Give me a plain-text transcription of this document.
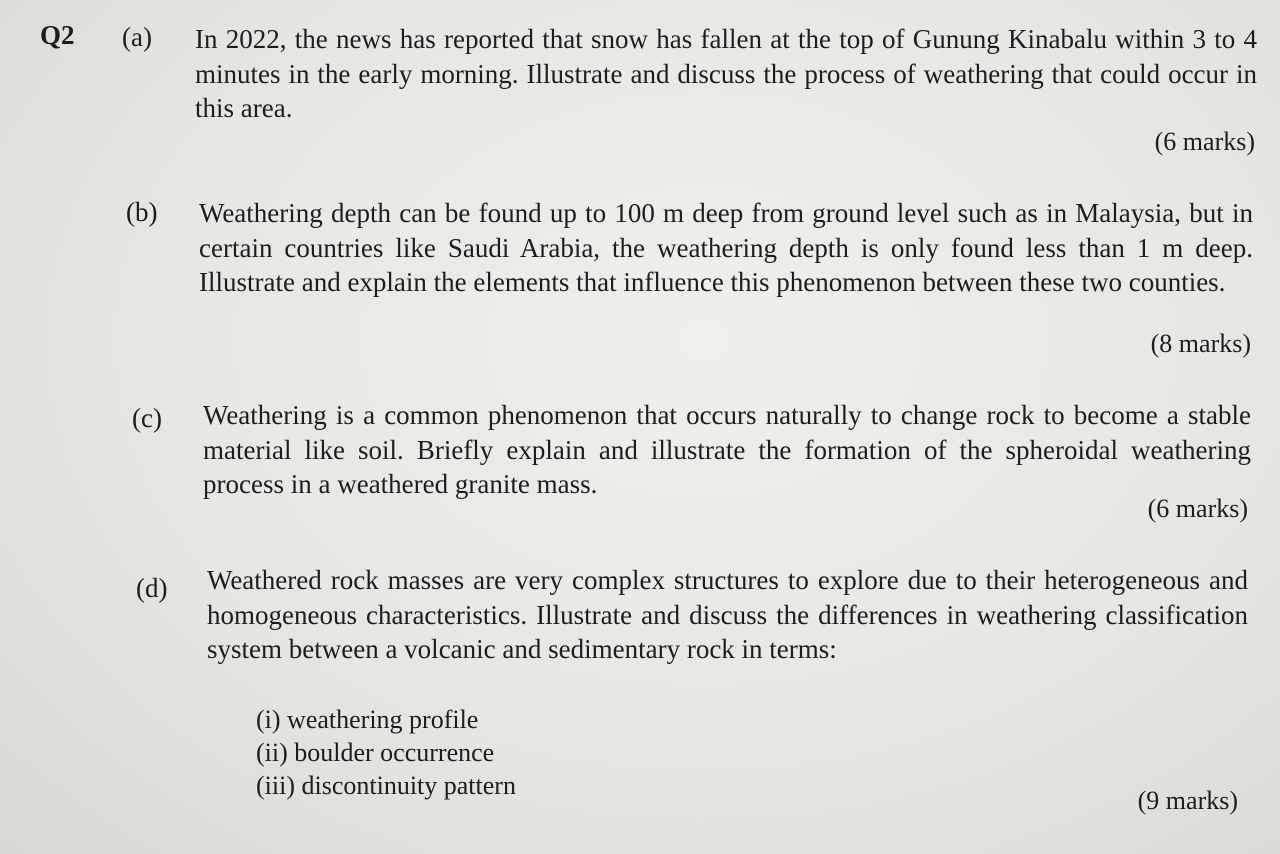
Q2 (a) In 2022, the news has reported that snow has fallen at the top of Gunung Kinabalu within 3 to 4 minutes in the early morning. Illustrate and discuss the process of weathering that could occur in this area.
(6 marks)
(b) Weathering depth can be found up to 100 m deep from ground level such as in Malaysia, but in certain countries like Saudi Arabia, the weathering depth is only found less than 1 m deep. Illustrate and explain the elements that influence this phenomenon between these two counties.
(8 marks)
(c) Weathering is a common phenomenon that occurs naturally to change rock to become a stable material like soil. Briefly explain and illustrate the formation of the spheroidal weathering process in a weathered granite mass.
(6 marks)
(d) Weathered rock masses are very complex structures to explore due to their heterogeneous and homogeneous characteristics. Illustrate and discuss the differences in weathering classification system between a volcanic and sedimentary rock in terms:
(i) weathering profile
(ii) boulder occurrence
(iii) discontinuity pattern
(9 marks)
